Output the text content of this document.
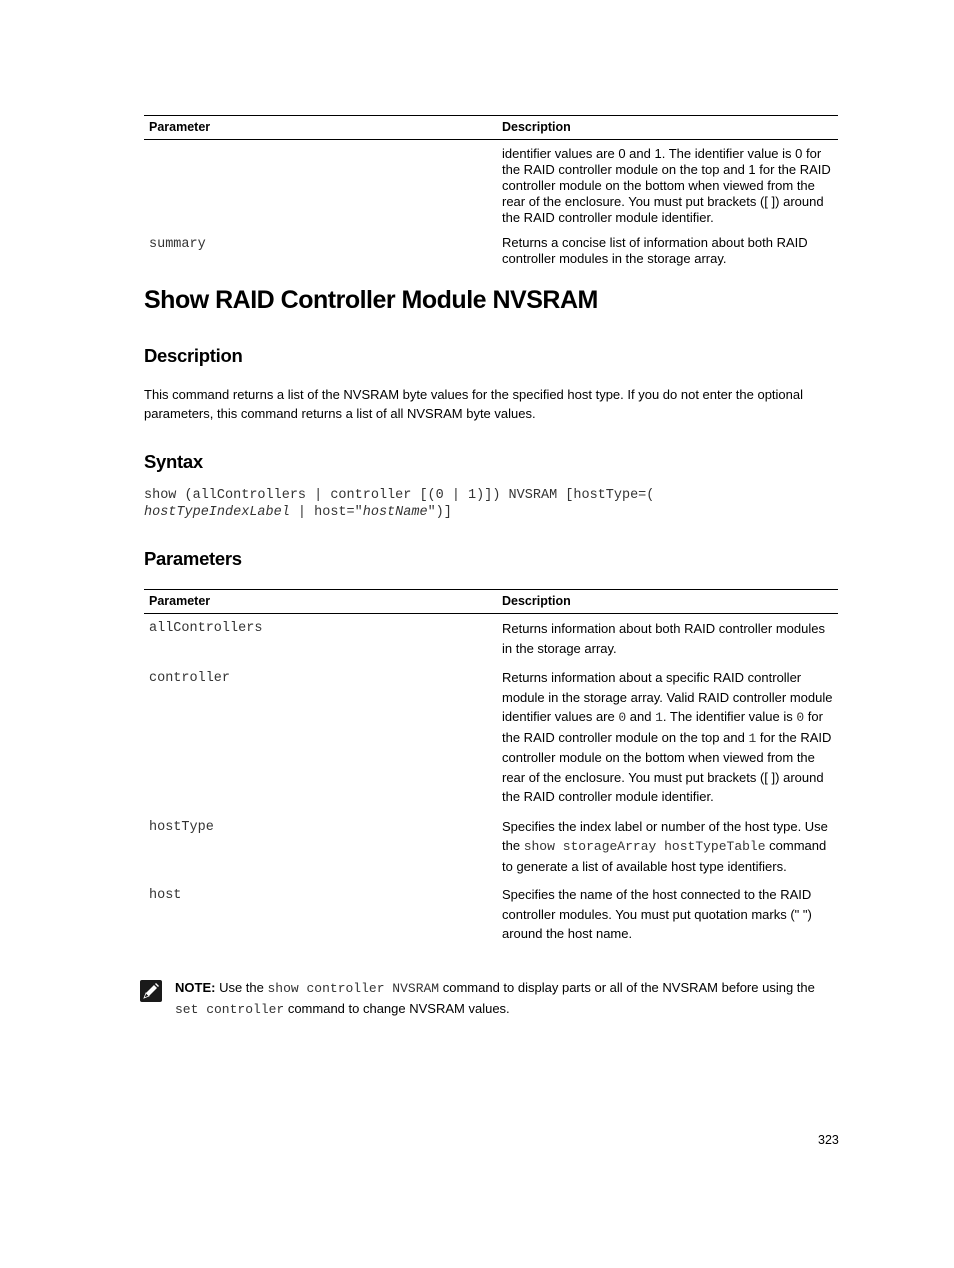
Parameter	Description
	identifier values are 0 and 1. The identifier value is 0 for the RAID controller module on the top and 1 for the RAID controller module on the bottom when viewed from the rear of the enclosure. You must put brackets ([ ]) around the RAID controller module identifier.
summary	Returns a concise list of information about both RAID controller modules in the storage array.
Show RAID Controller Module NVSRAM
Description

This command returns a list of the NVSRAM byte values for the specified host type. If you do not enter the optional parameters, this command returns a list of all NVSRAM byte values.

Syntax
show (allControllers | controller [(0 | 1)]) NVSRAM [hostType=(
hostTypeIndexLabel | host="hostName")]
Parameters
Parameter	Description
allControllers	Returns information about both RAID controller modules in the storage array.
controller	Returns information about a specific RAID controller module in the storage array. Valid RAID controller module identifier values are 0 and 1. The identifier value is 0 for the RAID controller module on the top and 1 for the RAID controller module on the bottom when viewed from the rear of the enclosure. You must put brackets ([ ]) around the RAID controller module identifier.
hostType	Specifies the index label or number of the host type. Use the show storageArray hostTypeTable command to generate a list of available host type identifiers.
host	Specifies the name of the host connected to the RAID controller modules. You must put quotation marks (" ") around the host name.
NOTE: Use the show controller NVSRAM command to display parts or all of the NVSRAM before using the set controller command to change NVSRAM values.
323
